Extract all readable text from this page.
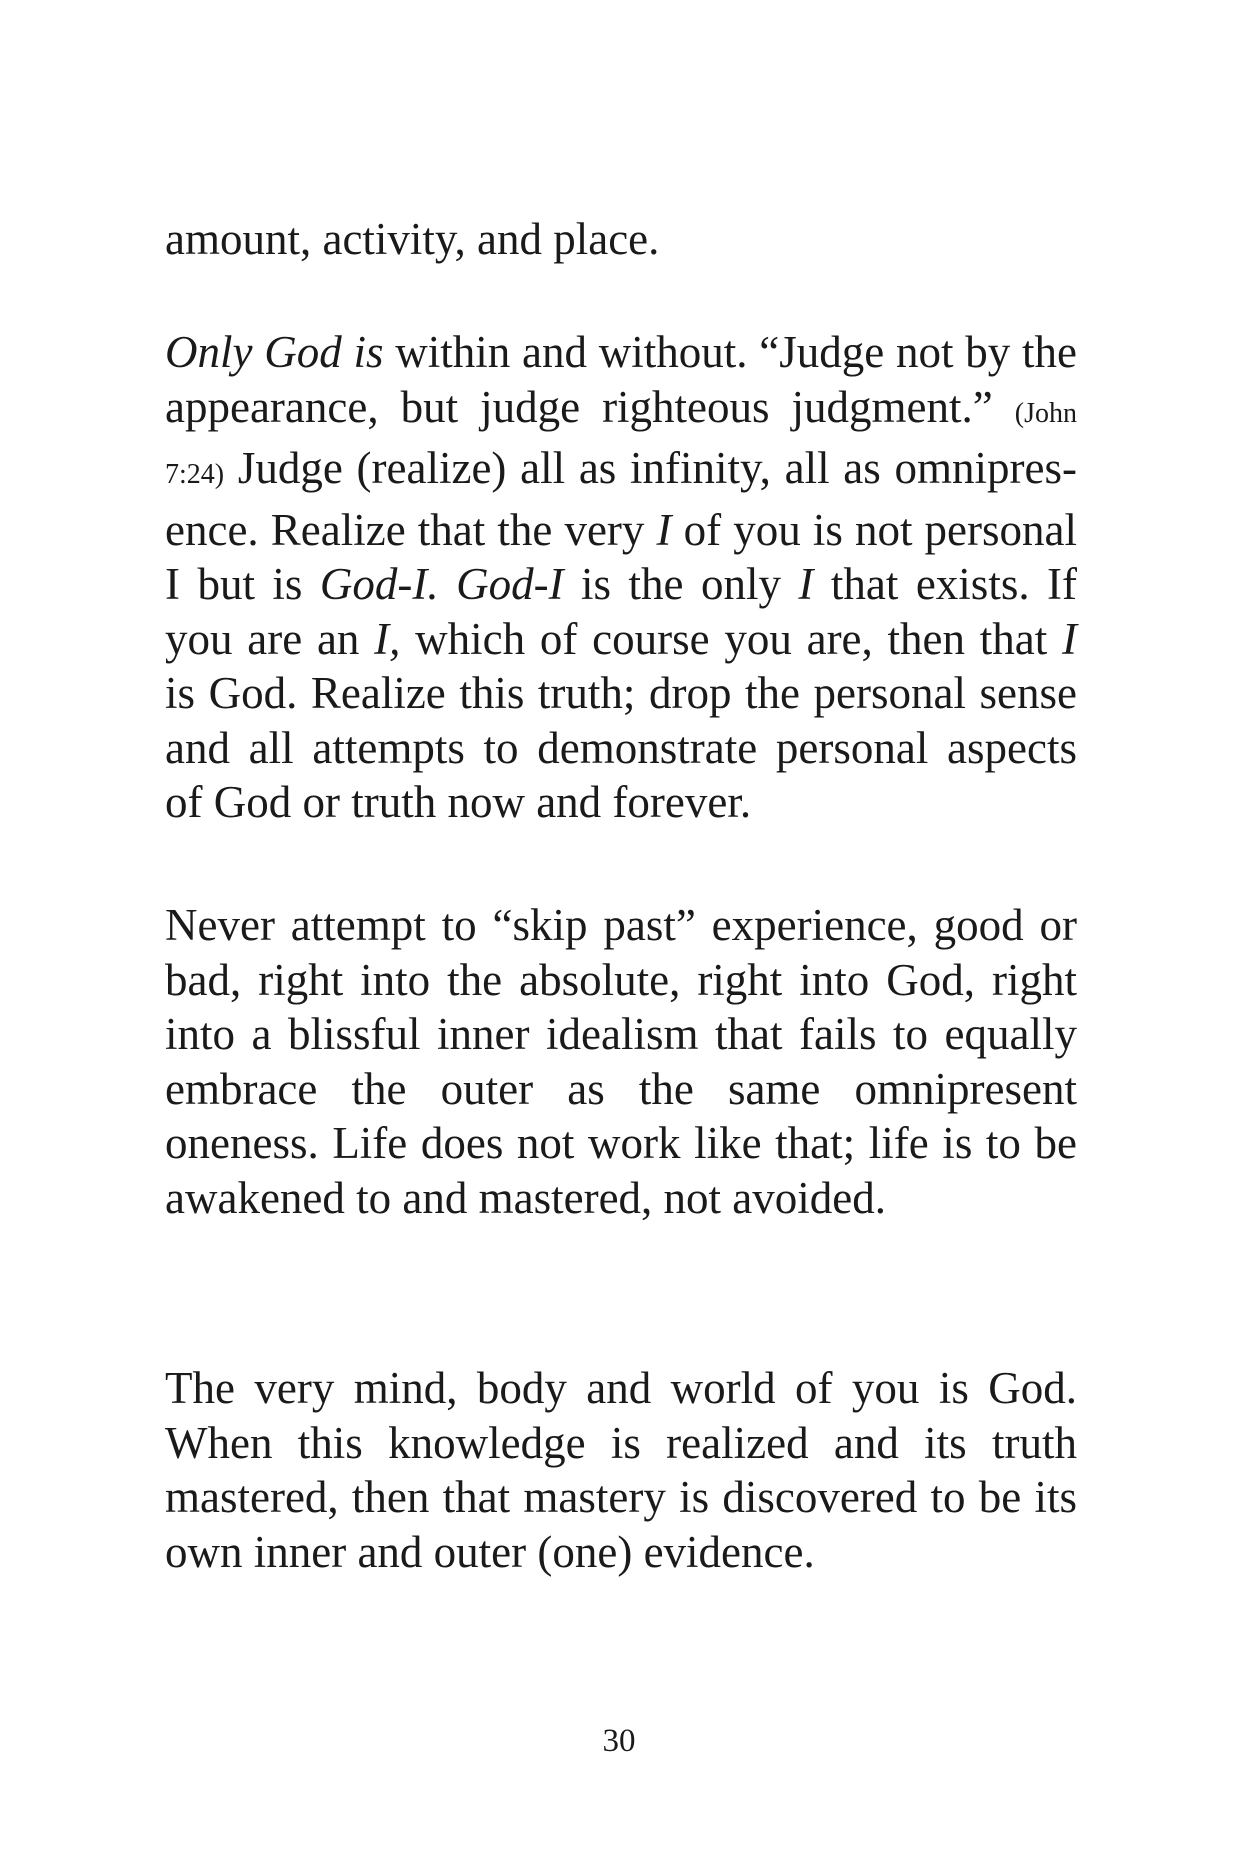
amount, activity, and place.

Only God is within and without. “Judge not by the appearance, but judge righteous judgment.” (John 7:24) Judge (realize) all as infinity, all as omnipresence. Realize that the very I of you is not personal I but is God-I. God-I is the only I that exists. If you are an I, which of course you are, then that I is God. Realize this truth; drop the personal sense and all attempts to demonstrate personal aspects of God or truth now and forever.

Never attempt to “skip past” experience, good or bad, right into the absolute, right into God, right into a blissful inner idealism that fails to equally embrace the outer as the same omnipresent oneness. Life does not work like that; life is to be awakened to and mastered, not avoided.

The very mind, body and world of you is God. When this knowledge is realized and its truth mastered, then that mastery is discovered to be its own inner and outer (one) evidence.

30
